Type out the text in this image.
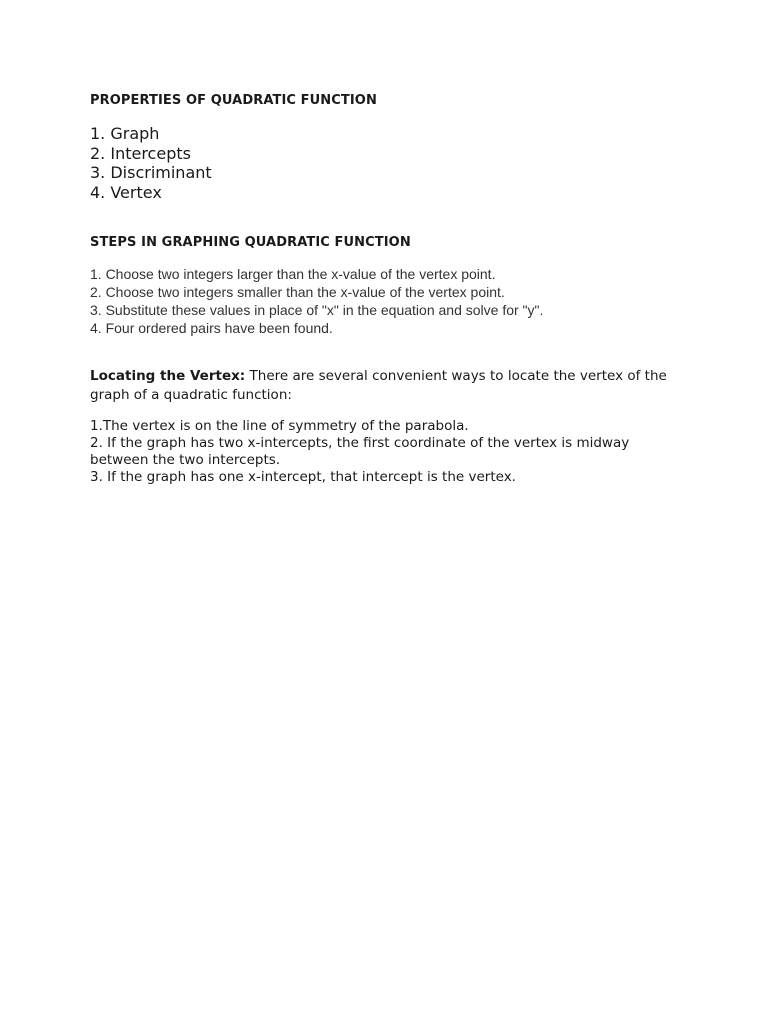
PROPERTIES OF QUADRATIC FUNCTION
1. Graph
2. Intercepts
3. Discriminant
4. Vertex
STEPS IN GRAPHING QUADRATIC FUNCTION
1. Choose two integers larger than the x-value of the vertex point.
2. Choose two integers smaller than the x-value of the vertex point.
3. Substitute these values in place of "x" in the equation and solve for "y".
4. Four ordered pairs have been found.

Locating the Vertex: There are several convenient ways to locate the vertex of the graph of a quadratic function:

1.The vertex is on the line of symmetry of the parabola.
2. If the graph has two x-intercepts, the first coordinate of the vertex is midway between the two intercepts.
3. If the graph has one x-intercept, that intercept is the vertex.
